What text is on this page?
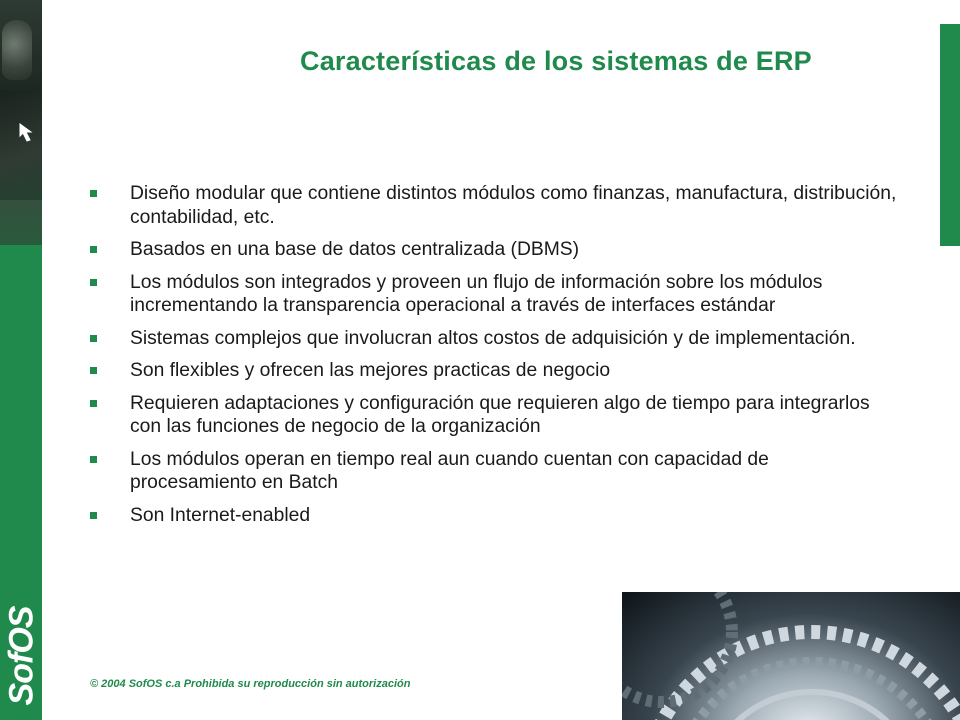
SofOS
Características de los sistemas de ERP
Diseño modular que contiene distintos módulos como finanzas, manufactura, distribución, contabilidad, etc.
Basados en una base de datos centralizada (DBMS)
Los módulos son integrados y proveen un flujo de información sobre los módulos incrementando la transparencia operacional a través de interfaces estándar
Sistemas complejos que involucran altos costos de adquisición y de implementación.
Son flexibles y ofrecen las mejores practicas de negocio
Requieren adaptaciones y configuración que requieren algo de tiempo para integrarlos con las funciones de negocio de la organización
Los módulos operan en tiempo real aun cuando cuentan con capacidad de procesamiento en Batch
Son Internet-enabled
© 2004 SofOS c.a Prohibida su reproducción sin autorización
